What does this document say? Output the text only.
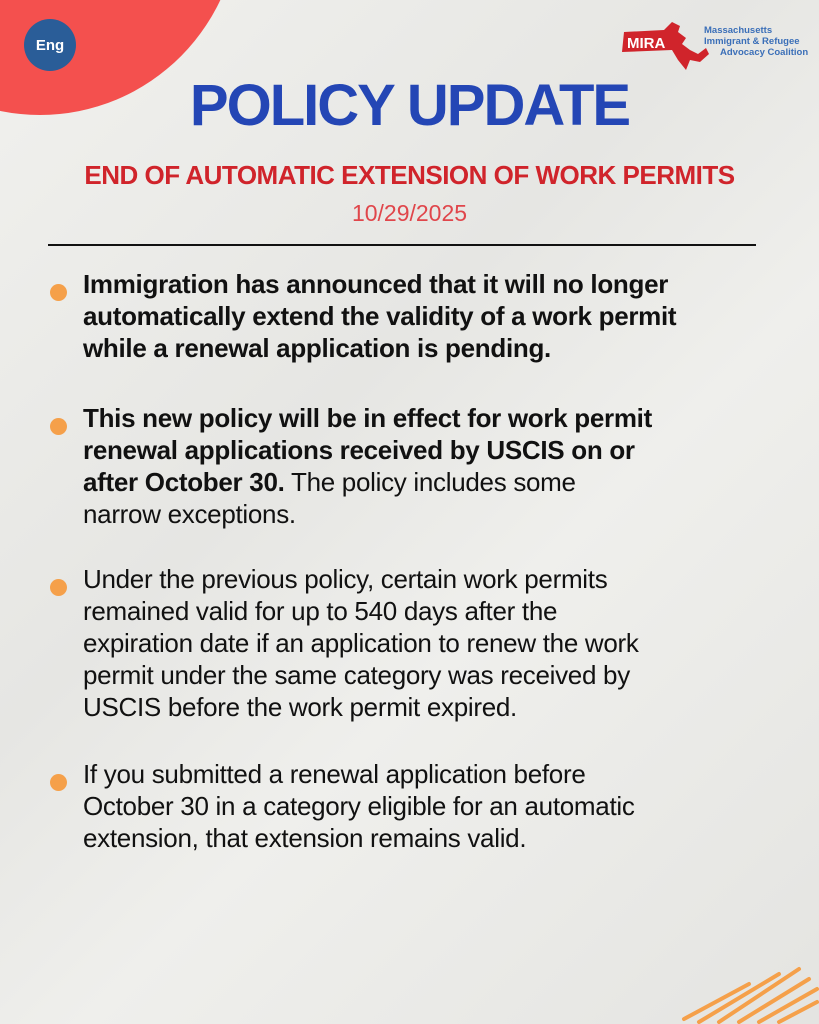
Eng	MIRA
Massachusetts
Immigrant & Refugee
Advocacy Coalition
POLICY UPDATE
END OF AUTOMATIC EXTENSION OF WORK PERMITS
10/29/2025
Immigration has announced that it will no longer
automatically extend the validity of a work permit
while a renewal application is pending.
This new policy will be in effect for work permit
renewal applications received by USCIS on or
after October 30. The policy includes some
narrow exceptions.
Under the previous policy, certain work permits
remained valid for up to 540 days after the
expiration date if an application to renew the work
permit under the same category was received by
USCIS before the work permit expired.
If you submitted a renewal application before
October 30 in a category eligible for an automatic
extension, that extension remains valid.
